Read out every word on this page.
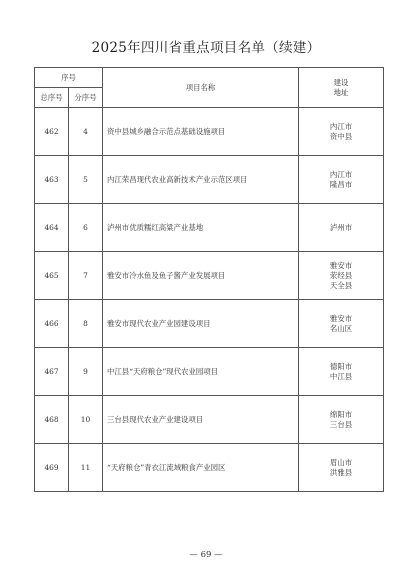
2025年四川省重点项目名单（续建）
序号		项目名称	建设
地址

总序号	分序号		
462	4	资中县城乡融合示范点基础设施项目	内江市
资中县

463	5	内江荣昌现代农业高新技术产业示范区项目	内江市
隆昌市

464	6	泸州市优质糯红高粱产业基地	泸州市

465	7	雅安市冷水鱼及鱼子酱产业发展项目	雅安市
荥经县
天全县

466	8	雅安市现代农业产业园建设项目	雅安市
名山区

467	9	中江县“天府粮仓”现代农业园项目	德阳市
中江县

468	10	三台县现代农业产业建设项目	绵阳市
三台县

469	11	“天府粮仓”青衣江流域粮食产业园区	眉山市
洪雅县
— 69 —
